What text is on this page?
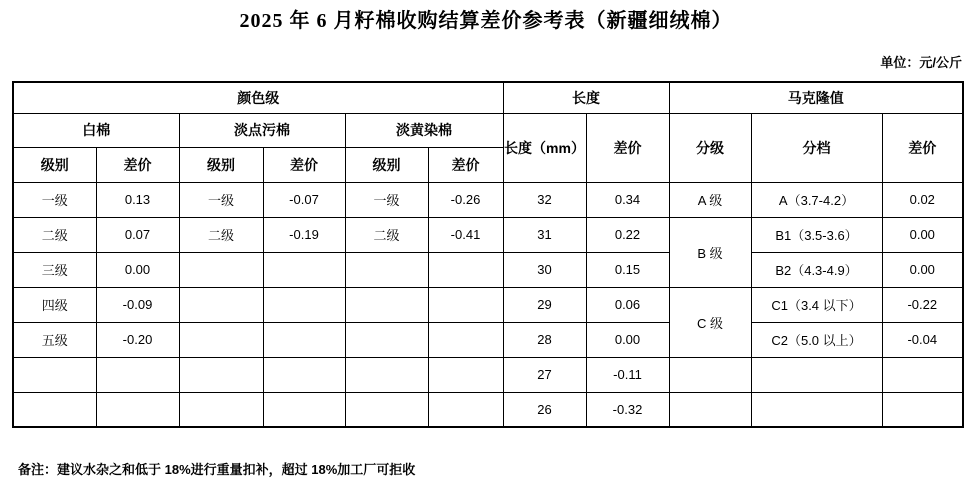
2025 年 6 月籽棉收购结算差价参考表（新疆细绒棉）
单位：元/公斤
颜色级						长度		马克隆值		
白棉		淡点污棉		淡黄染棉		长度（mm）	差价	分级	分档	差价
级别	差价	级别	差价	级别	差价					
一级	0.13	一级	-0.07	一级	-0.26	32	0.34	A 级	A（3.7-4.2）	0.02
二级	0.07	二级	-0.19	二级	-0.41	31	0.22	B 级	B1（3.5-3.6）	0.00
三级	0.00					30	0.15		B2（4.3-4.9）	0.00
四级	-0.09					29	0.06	C 级	C1（3.4 以下）	-0.22
五级	-0.20					28	0.00		C2（5.0 以上）	-0.04
						27	-0.11			
						26	-0.32			
备注：建议水杂之和低于 18%进行重量扣补，超过 18%加工厂可拒收
